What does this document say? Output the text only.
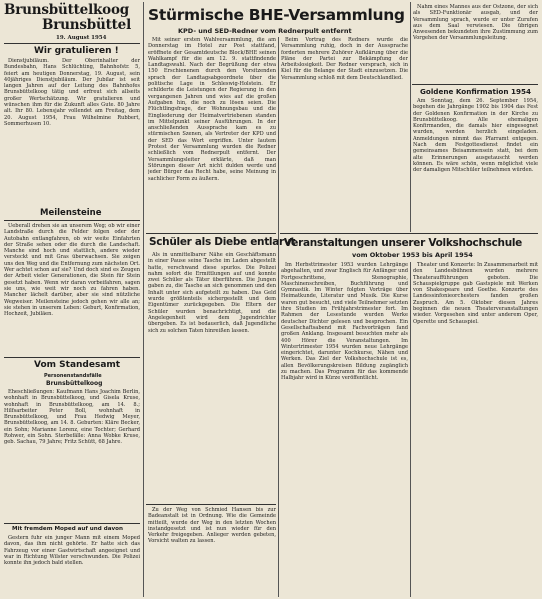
Brunsbüttelkoog
Brunsbüttel
19. August 1954
Wir gratulieren !

Dienstjubiläum. Der Oberinhalter der Bundesbahn, Hans Schlüchting, Bahnhofstr. 5, feiert am heutigen Donnerstag, 19. August, sein 40jähriges Dienstjubiläum. Der Jubilar ist seit langen Jahren auf der Leitung des Bahnhofes Brunsbüttelkoog tätig und erfreut sich allseits großer Wertschätzung. Wir gratulieren und wünschen ihm für die Zukunft alles Gute. 80 Jahre alt. Ihr 80. Lebensjahr vollendet am Freitag, dem 20. August 1954, Frau Wilhelmine Rubbert, Sommerhusen 10.

Meilensteine

Ueberall drehen sie an unserem Weg; ob wir einer Landstraße durch die Felder folgen oder der Autobahn entlangfahren, ob wir weite Einfahrten der Straße sehen oder die durch die Landschaft. Manche sind hoch und stattlich, andere wieder versteckt und mit Gras überwachsen. Sie zeigen uns den Weg und die Entfernung zum nächsten Ort. Wer achtet schon auf sie? Und doch sind es Zeugen der Arbeit vieler Generationen, die Stein für Stein gesetzt haben. Wenn wir daran vorbeifahren, sagen sie uns, wie weit wir noch zu fahren haben. Mancher lächelt darüber, aber sie sind nützliche Wegweiser. Meilensteine jedoch gehen wir alle an; sie stehen in unserem Leben: Geburt, Konfirmation, Hochzeit, Jubiläen.

Vom Standesamt
Personenstandsfälle
Brunsbüttelkoog

Eheschließungen: Kaufmann Hans Joachim Berlin, wohnhaft in Brunsbüttelkoog, und Gisela Kruse, wohnhaft in Brunsbüttelkoog, am 14. 8.; Hilfsarbeiter Peter Boll, wohnhaft in Brunsbüttelkoog, und Frau Hedwig Meyer, Brunsbüttelkoog, am 14. 8. Geburten: Kläre Becker, ein Sohn; Marianne Lorenz, eine Tochter; Gerhard Rohwer, ein Sohn. Sterbefälle: Anna Wobke Kruse, geb. Sachau, 79 Jahre; Fritz Schütt, 68 Jahre.

Mit fremdem Moped auf und davon

Gestern fuhr ein junger Mann mit einem Moped davon, das ihm nicht gehörte. Er hatte sich das Fahrzeug vor einer Gastwirtschaft angeeignet und war in Richtung Wilster verschwunden. Die Polizei konnte ihn jedoch bald stellen.

Stürmische BHE-Versammlung
KPD- und SED-Redner vom Rednerpult entfernt

Mit seiner ersten Wahlversammlung, die am Donnerstag im Hotel zur Post stattfand, eröffnete der Gesamtdeutsche Block/BHE seinen Wahlkampf für die am 12. 9. stattfindende Landtagswahl. Nach der Begrüßung der etwa 150 Erschienenen durch den Vorsitzenden sprach der Landtagsabgeordnete über die politische Lage in Schleswig-Holstein. Er schilderte die Leistungen der Regierung in den vergangenen Jahren und wies auf die großen Aufgaben hin, die noch zu lösen seien. Die Flüchtlingsfrage, der Wohnungsbau und die Eingliederung der Heimatvertriebenen standen im Mittelpunkt seiner Ausführungen. In der anschließenden Aussprache kam es zu stürmischen Szenen, als Vertreter der KPD und der SED das Wort ergriffen. Unter lautem Protest der Versammlung wurden die Redner schließlich vom Rednerpult entfernt. Der Versammlungsleiter erklärte, daß man Störungen dieser Art nicht dulden werde und jeder Bürger das Recht habe, seine Meinung in sachlicher Form zu äußern.

Schüler als Diebe entlarvt

Als in unmittelbarer Nähe ein Geschäftsmann in einer Pause seine Tasche im Laden abgestellt hatte, verschwand diese spurlos. Die Polizei nahm sofort die Ermittlungen auf und konnte zwei Schüler als Täter überführen. Die Jungen gaben zu, die Tasche an sich genommen und den Inhalt unter sich aufgeteilt zu haben. Das Geld wurde größtenteils sichergestellt und dem Eigentümer zurückgegeben. Die Eltern der Schüler wurden benachrichtigt, und die Angelegenheit wird dem Jugendrichter übergeben. Es ist bedauerlich, daß Jugendliche sich zu solchen Taten hinreißen lassen.

Zu der Weg von Schmied Hansen bis zur Badeanstalt ist in Ordnung. Wie die Gemeinde mitteilt, wurde der Weg in den letzten Wochen instandgesetzt und ist nun wieder für den Verkehr freigegeben. Anlieger werden gebeten, Vorsicht walten zu lassen.

Beim Vortrag des Redners wurde die Versammlung ruhig, doch in der Aussprache forderten mehrere Zuhörer Aufklärung über die Pläne der Partei zur Bekämpfung der Arbeitslosigkeit. Der Redner versprach, sich in Kiel für die Belange der Stadt einzusetzen. Die Versammlung schloß mit dem Deutschlandlied.

Veranstaltungen unserer Volkshochschule
vom Oktober 1953 bis April 1954

Im Herbsttrimester 1953 wurden Lehrgänge abgehalten, und zwar Englisch für Anfänger und Fortgeschrittene, Stenographie, Maschinenschreiben, Buchführung und Gymnastik. Im Winter folgten Vorträge über Heimatkunde, Literatur und Musik. Die Kurse waren gut besucht, und viele Teilnehmer setzten ihre Studien im Frühjahrstrimester fort. Im Rahmen der Lesestunde wurden Werke deutscher Dichter gelesen und besprochen. Ein Gesellschaftsabend mit Fachvorträgen fand großen Anklang. Insgesamt besuchten mehr als 400 Hörer die Veranstaltungen. Im Wintertrimester 1954 wurden neue Lehrgänge eingerichtet, darunter Kochkurse, Nähen und Werken. Das Ziel der Volkshochschule ist es, allen Bevölkerungskreisen Bildung zugänglich zu machen. Das Programm für das kommende Halbjahr wird in Kürze veröffentlicht.

Nahm eines Mannes aus der Ostzone, der sich als SED-Funktionär ausgab, und der Versammlung sprach, wurde er unter Zurufen aus dem Saal verwiesen. Die übrigen Anwesenden bekundeten ihre Zustimmung zum Vorgehen der Versammlungsleitung.

Goldene Konfirmation 1954

Am Sonntag, dem 26. September 1954, begehen die Jahrgänge 1902 bis 1904 das Fest der Goldenen Konfirmation in der Kirche zu Brunsbüttelkoog. Alle ehemaligen Konfirmanden, die damals hier eingesegnet wurden, werden herzlich eingeladen. Anmeldungen nimmt das Pfarramt entgegen. Nach dem Festgottesdienst findet ein gemeinsames Beisammensein statt, bei dem alte Erinnerungen ausgetauscht werden können. Es wäre schön, wenn möglichst viele der damaligen Mitschüler teilnehmen würden.

Theater und Konzerte: In Zusammenarbeit mit den Landesbühnen wurden mehrere Theateraufführungen geboten. Die Schauspielgruppe gab Gastspiele mit Werken von Shakespeare und Goethe. Konzerte des Landessinfonieorchesters fanden großen Zuspruch. Am 5. Oktober diesen Jahres beginnen die neuen Theaterveranstaltungen wieder. Vorgesehen sind unter anderem Oper, Operette und Schauspiel.
